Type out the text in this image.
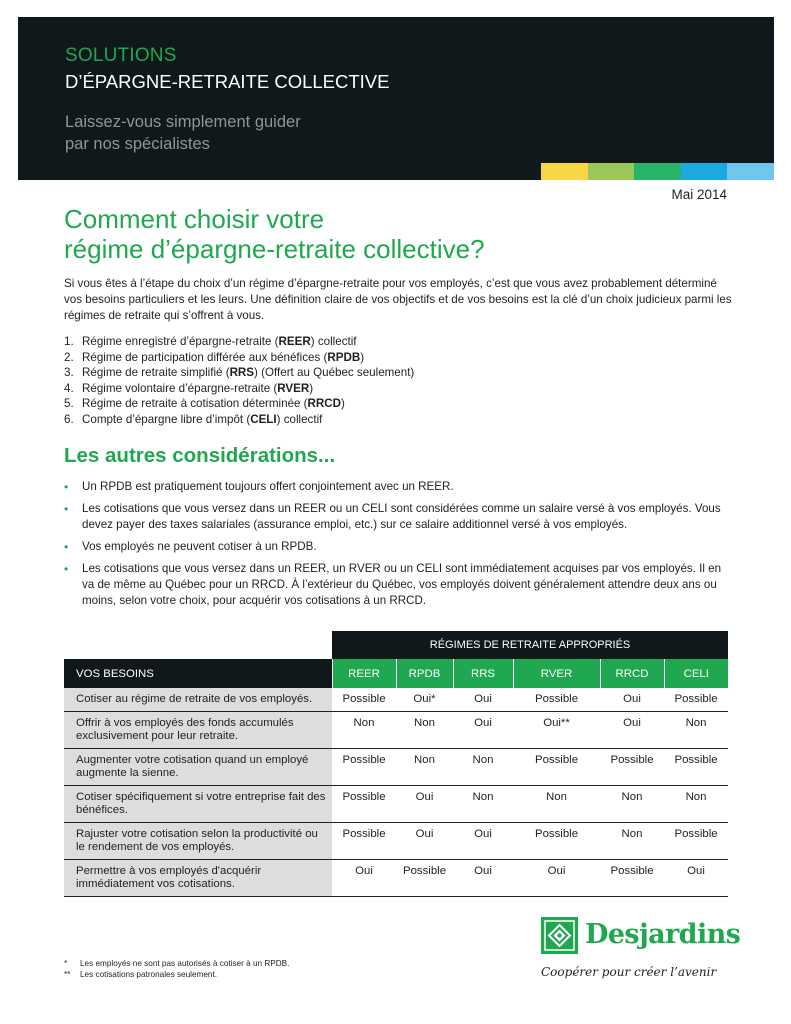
SOLUTIONS
D’ÉPARGNE-RETRAITE COLLECTIVE
Laissez-vous simplement guider
par nos spécialistes
Mai 2014
Comment choisir votre
régime d’épargne-retraite collective?

Si vous êtes à l’étape du choix d’un régime d’épargne-retraite pour vos employés, c’est que vous avez probablement déterminé vos besoins particuliers et les leurs. Une définition claire de vos objectifs et de vos besoins est la clé d’un choix judicieux parmi les régimes de retraite qui s’offrent à vous.

1. Régime enregistré d’épargne-retraite (REER) collectif
2. Régime de participation différée aux bénéfices (RPDB)
3. Régime de retraite simplifié (RRS) (Offert au Québec seulement)
4. Régime volontaire d’épargne-retraite (RVER)
5. Régime de retraite à cotisation déterminée (RRCD)
6. Compte d’épargne libre d’impôt (CELI) collectif
Les autres considérations...
• Un RPDB est pratiquement toujours offert conjointement avec un REER.
• Les cotisations que vous versez dans un REER ou un CELI sont considérées comme un salaire versé à vos employés. Vous devez payer des taxes salariales (assurance emploi, etc.) sur ce salaire additionnel versé à vos employés.
• Vos employés ne peuvent cotiser à un RPDB.
• Les cotisations que vous versez dans un REER, un RVER ou un CELI sont immédiatement acquises par vos employés. Il en va de même au Québec pour un RRCD. À l’extérieur du Québec, vos employés doivent généralement attendre deux ans ou moins, selon votre choix, pour acquérir vos cotisations à un RRCD.
	RÉGIMES DE RETRAITE APPROPRIÉS					
VOS BESOINS	REER	RPDB	RRS	RVER	RRCD	CELI
Cotiser au régime de retraite de vos employés.	Possible	Oui*	Oui	Possible	Oui	Possible
Offrir à vos employés des fonds accumulés exclusivement pour leur retraite.	Non	Non	Oui	Oui**	Oui	Non
Augmenter votre cotisation quand un employé augmente la sienne.	Possible	Non	Non	Possible	Possible	Possible
Cotiser spécifiquement si votre entreprise fait des bénéfices.	Possible	Oui	Non	Non	Non	Non
Rajuster votre cotisation selon la productivité ou le rendement de vos employés.	Possible	Oui	Oui	Possible	Non	Possible
Permettre à vos employés d'acquérir immédiatement vos cotisations.	Oui	Possible	Oui	Oui	Possible	Oui
Desjardins
Coopérer pour créer l’avenir
*	Les employés ne sont pas autorisés à cotiser à un RPDB.
**	Les cotisations patronales seulement.
